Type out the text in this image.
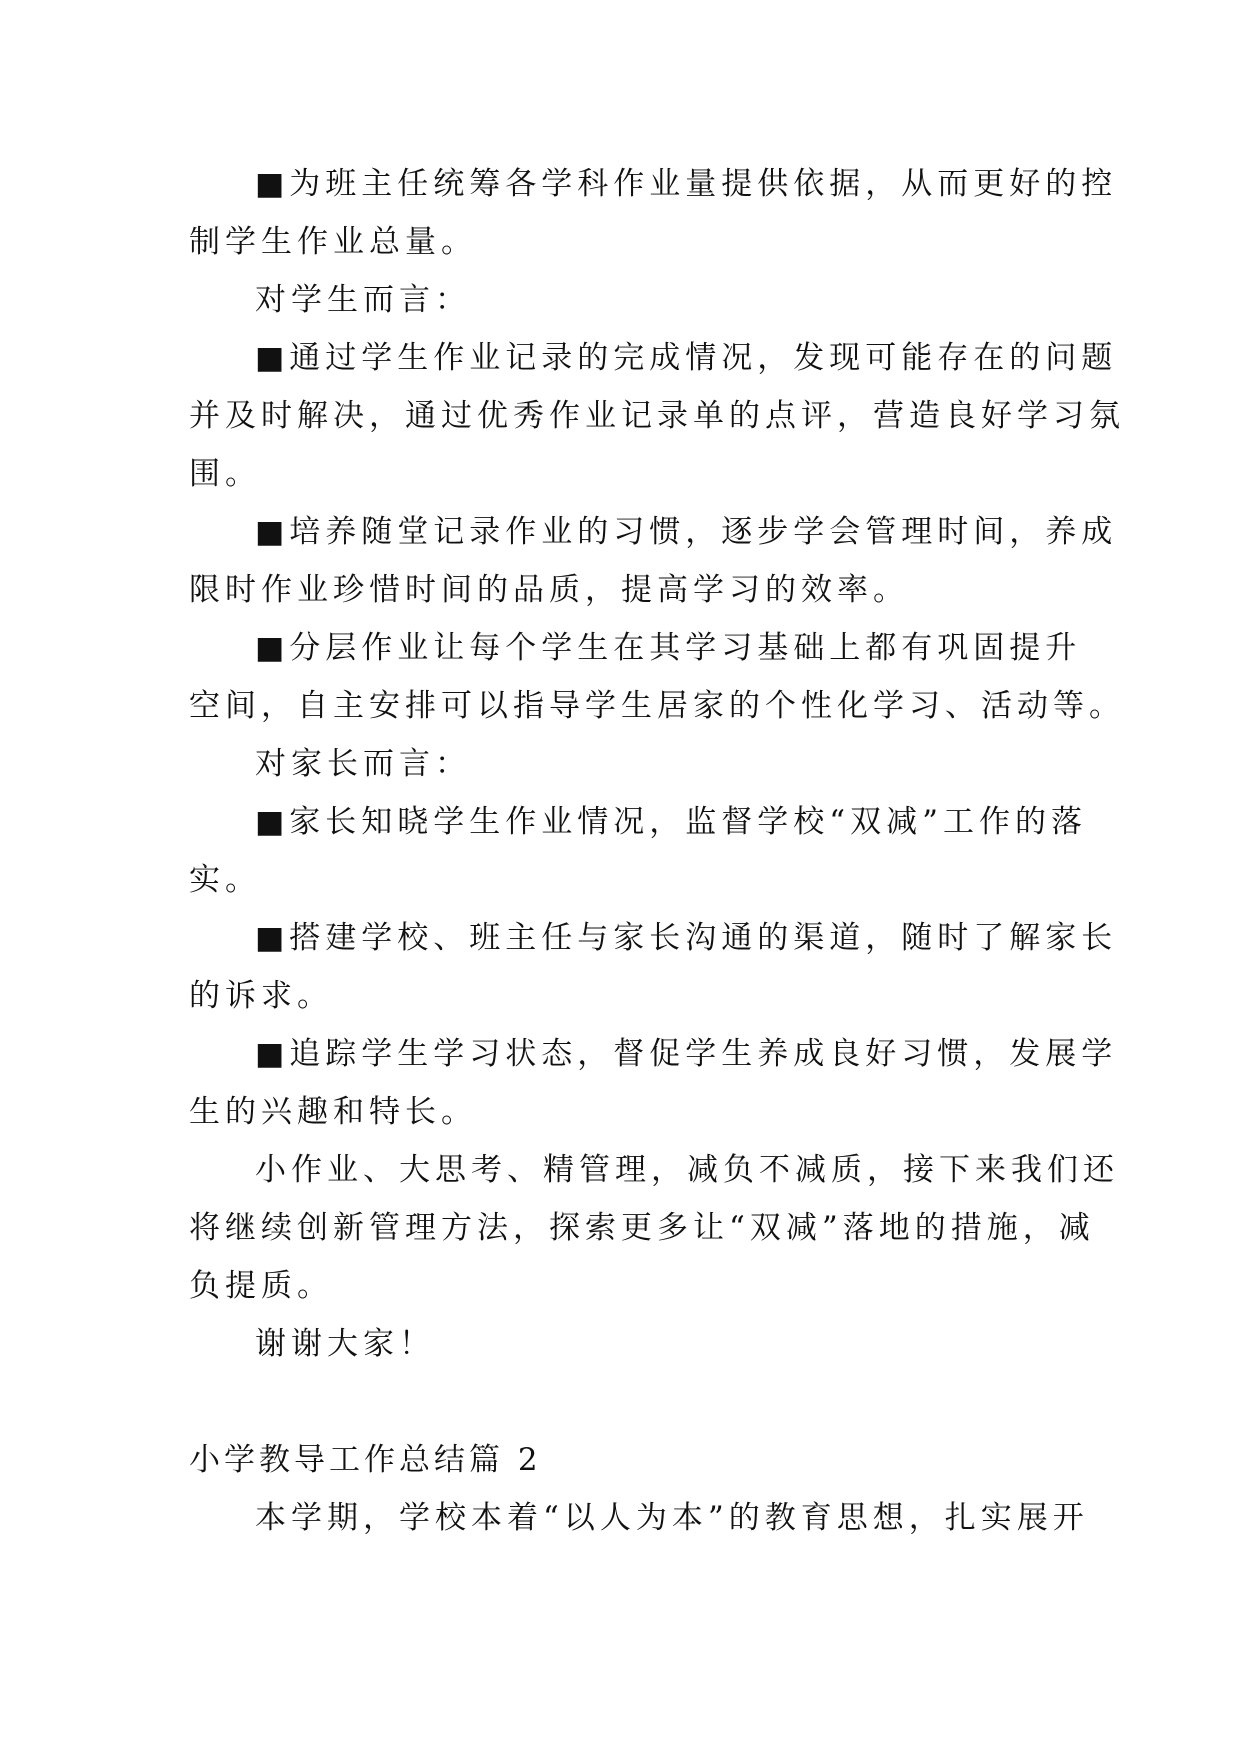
■为班主任统筹各学科作业量提供依据，从而更好的控
制学生作业总量。
对学生而言：
■通过学生作业记录的完成情况，发现可能存在的问题
并及时解决，通过优秀作业记录单的点评，营造良好学习氛
围。
■培养随堂记录作业的习惯，逐步学会管理时间，养成
限时作业珍惜时间的品质，提高学习的效率。
■分层作业让每个学生在其学习基础上都有巩固提升
空间，自主安排可以指导学生居家的个性化学习、活动等。
对家长而言：
■家长知晓学生作业情况，监督学校“双减”工作的落
实。
■搭建学校、班主任与家长沟通的渠道，随时了解家长
的诉求。
■追踪学生学习状态，督促学生养成良好习惯，发展学
生的兴趣和特长。
小作业、大思考、精管理，减负不减质，接下来我们还
将继续创新管理方法，探索更多让“双减”落地的措施，减
负提质。
谢谢大家！
小学教导工作总结篇 2
本学期，学校本着“以人为本”的教育思想，扎实展开
